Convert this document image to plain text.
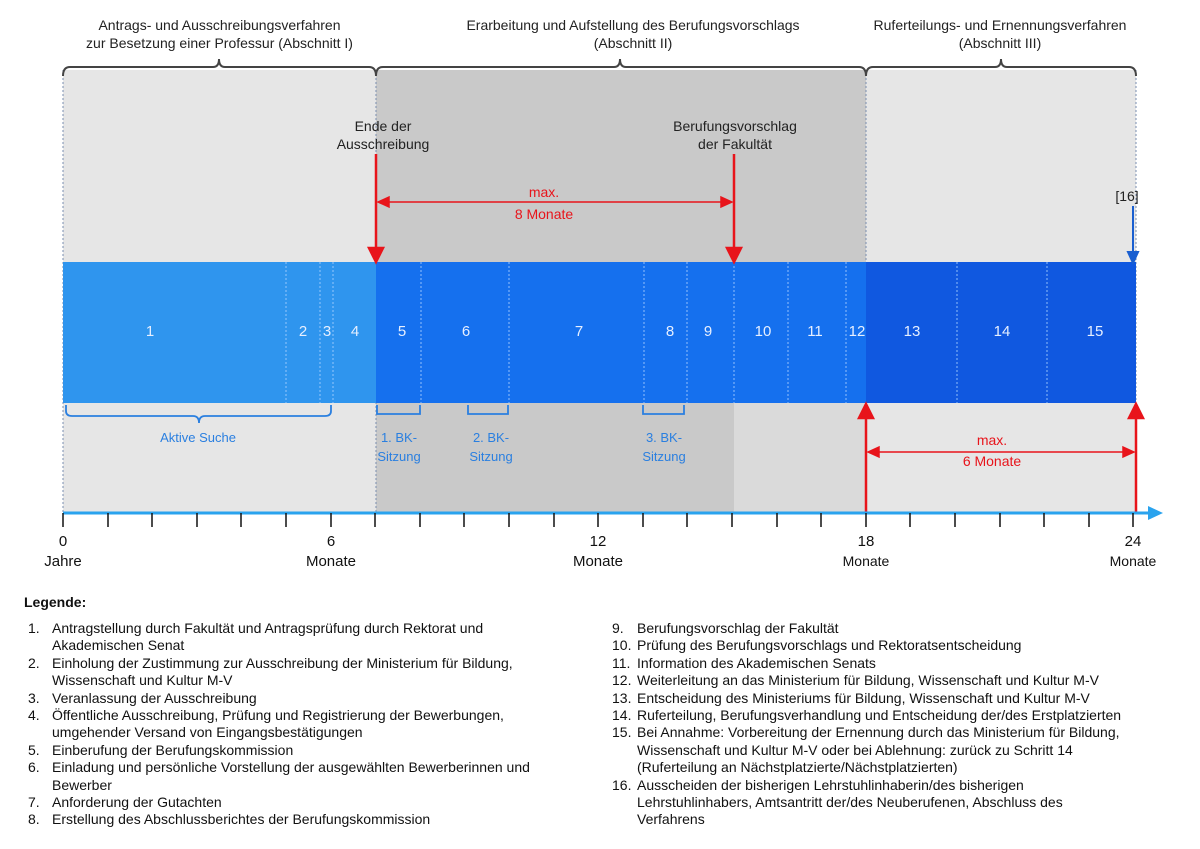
1	2 3 4	5	6	7	8 9	10 11 12	13	14	15
Ende der
Ausschreibung
Berufungsvorschlag
der Fakultät
[16]
max.
8 Monate
max.
6 Monate
Aktive Suche	1. BK-
Sitzung
2. BK-
Sitzung
3. BK-
Sitzung
0
Jahre
6
Monate
12
Monate
18
Monate
24
Monate
Antrags- und Ausschreibungsverfahren
zur Besetzung einer Professur (Abschnitt I)
Erarbeitung und Aufstellung des Berufungsvorschlags
(Abschnitt II)
Ruferteilungs- und Ernennungsverfahren
(Abschnitt III)
Legende:
1. Antragstellung durch Fakultät und Antragsprüfung durch Rektorat und
Akademischen Senat
2. Einholung der Zustimmung zur Ausschreibung der Ministerium für Bildung,
Wissenschaft und Kultur M-V
3. Veranlassung der Ausschreibung
4. Öffentliche Ausschreibung, Prüfung und Registrierung der Bewerbungen,
umgehender Versand von Eingangsbestätigungen
5. Einberufung der Berufungskommission
6. Einladung und persönliche Vorstellung der ausgewählten Bewerberinnen und
Bewerber
7. Anforderung der Gutachten
8. Erstellung des Abschlussberichtes der Berufungskommission
9. Berufungsvorschlag der Fakultät
10. Prüfung des Berufungsvorschlags und Rektoratsentscheidung
11. Information des Akademischen Senats
12. Weiterleitung an das Ministerium für Bildung, Wissenschaft und Kultur M-V
13. Entscheidung des Ministeriums für Bildung, Wissenschaft und Kultur M-V
14. Ruferteilung, Berufungsverhandlung und Entscheidung der/des Erstplatzierten
15. Bei Annahme: Vorbereitung der Ernennung durch das Ministerium für Bildung,
Wissenschaft und Kultur M-V oder bei Ablehnung: zurück zu Schritt 14
(Ruferteilung an Nächstplatzierte/Nächstplatzierten)
16. Ausscheiden der bisherigen Lehrstuhlinhaberin/des bisherigen
Lehrstuhlinhabers, Amtsantritt der/des Neuberufenen, Abschluss des
Verfahrens
